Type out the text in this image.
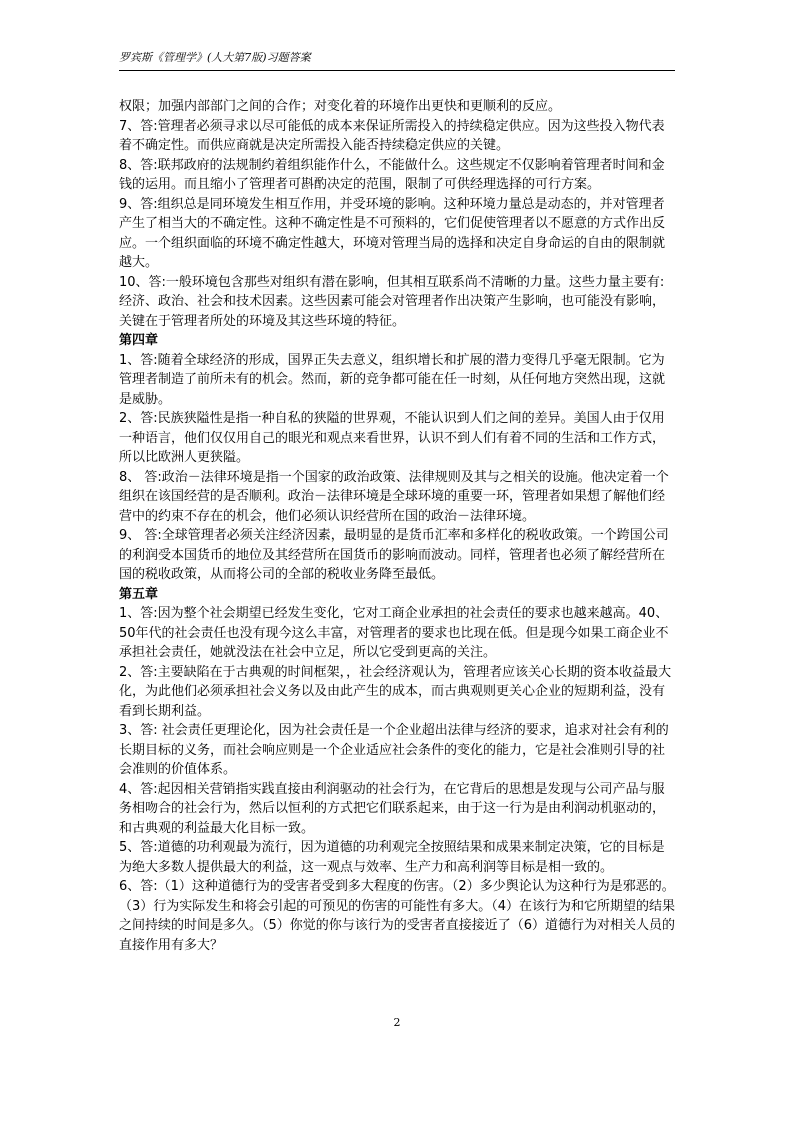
罗宾斯《管理学》(人大第7版)习题答案

权限；加强内部部门之间的合作；对变化着的环境作出更快和更顺利的反应。

7、答:管理者必须寻求以尽可能低的成本来保证所需投入的持续稳定供应。因为这些投入物代表着不确定性。而供应商就是决定所需投入能否持续稳定供应的关键。

8、答:联邦政府的法规制约着组织能作什么，不能做什么。这些规定不仅影响着管理者时间和金钱的运用。而且缩小了管理者可斟酌决定的范围，限制了可供经理选择的可行方案。

9、答:组织总是同环境发生相互作用，并受环境的影响。这种环境力量总是动态的，并对管理者产生了相当大的不确定性。这种不确定性是不可预料的，它们促使管理者以不愿意的方式作出反应。一个组织面临的环境不确定性越大，环境对管理当局的选择和决定自身命运的自由的限制就越大。

10、答:一般环境包含那些对组织有潜在影响，但其相互联系尚不清晰的力量。这些力量主要有:经济、政治、社会和技术因素。这些因素可能会对管理者作出决策产生影响，也可能没有影响，关键在于管理者所处的环境及其这些环境的特征。

第四章

1、答:随着全球经济的形成，国界正失去意义，组织增长和扩展的潜力变得几乎毫无限制。它为管理者制造了前所未有的机会。然而，新的竞争都可能在任一时刻，从任何地方突然出现，这就是威胁。

2、答:民族狭隘性是指一种自私的狭隘的世界观，不能认识到人们之间的差异。美国人由于仅用一种语言，他们仅仅用自己的眼光和观点来看世界，认识不到人们有着不同的生活和工作方式，所以比欧洲人更狭隘。

8、 答:政治－法律环境是指一个国家的政治政策、法律规则及其与之相关的设施。他决定着一个组织在该国经营的是否顺利。政治－法律环境是全球环境的重要一环，管理者如果想了解他们经营中的约束不存在的机会，他们必须认识经营所在国的政治－法律环境。

9、 答:全球管理者必须关注经济因素，最明显的是货币汇率和多样化的税收政策。一个跨国公司的利润受本国货币的地位及其经营所在国货币的影响而波动。同样，管理者也必须了解经营所在国的税收政策，从而将公司的全部的税收业务降至最低。

第五章

1、答:因为整个社会期望已经发生变化，它对工商企业承担的社会责任的要求也越来越高。40、50年代的社会责任也没有现今这么丰富，对管理者的要求也比现在低。但是现今如果工商企业不承担社会责任，她就没法在社会中立足，所以它受到更高的关注。

2、答:主要缺陷在于古典观的时间框架，，社会经济观认为，管理者应该关心长期的资本收益最大化，为此他们必须承担社会义务以及由此产生的成本，而古典观则更关心企业的短期利益，没有看到长期利益。

3、答: 社会责任更理论化，因为社会责任是一个企业超出法律与经济的要求，追求对社会有利的长期目标的义务，而社会响应则是一个企业适应社会条件的变化的能力，它是社会准则引导的社会准则的价值体系。

4、答:起因相关营销指实践直接由利润驱动的社会行为，在它背后的思想是发现与公司产品与服务相吻合的社会行为，然后以恒利的方式把它们联系起来，由于这一行为是由利润动机驱动的，和古典观的利益最大化目标一致。

5、答:道德的功利观最为流行，因为道德的功利观完全按照结果和成果来制定决策，它的目标是为绝大多数人提供最大的利益，这一观点与效率、生产力和高利润等目标是相一致的。

6、答:（1）这种道德行为的受害者受到多大程度的伤害。（2）多少舆论认为这种行为是邪恶的。（3）行为实际发生和将会引起的可预见的伤害的可能性有多大。（4）在该行为和它所期望的结果之间持续的时间是多久。（5）你觉的你与该行为的受害者直接接近了（6）道德行为对相关人员的直接作用有多大？

2
